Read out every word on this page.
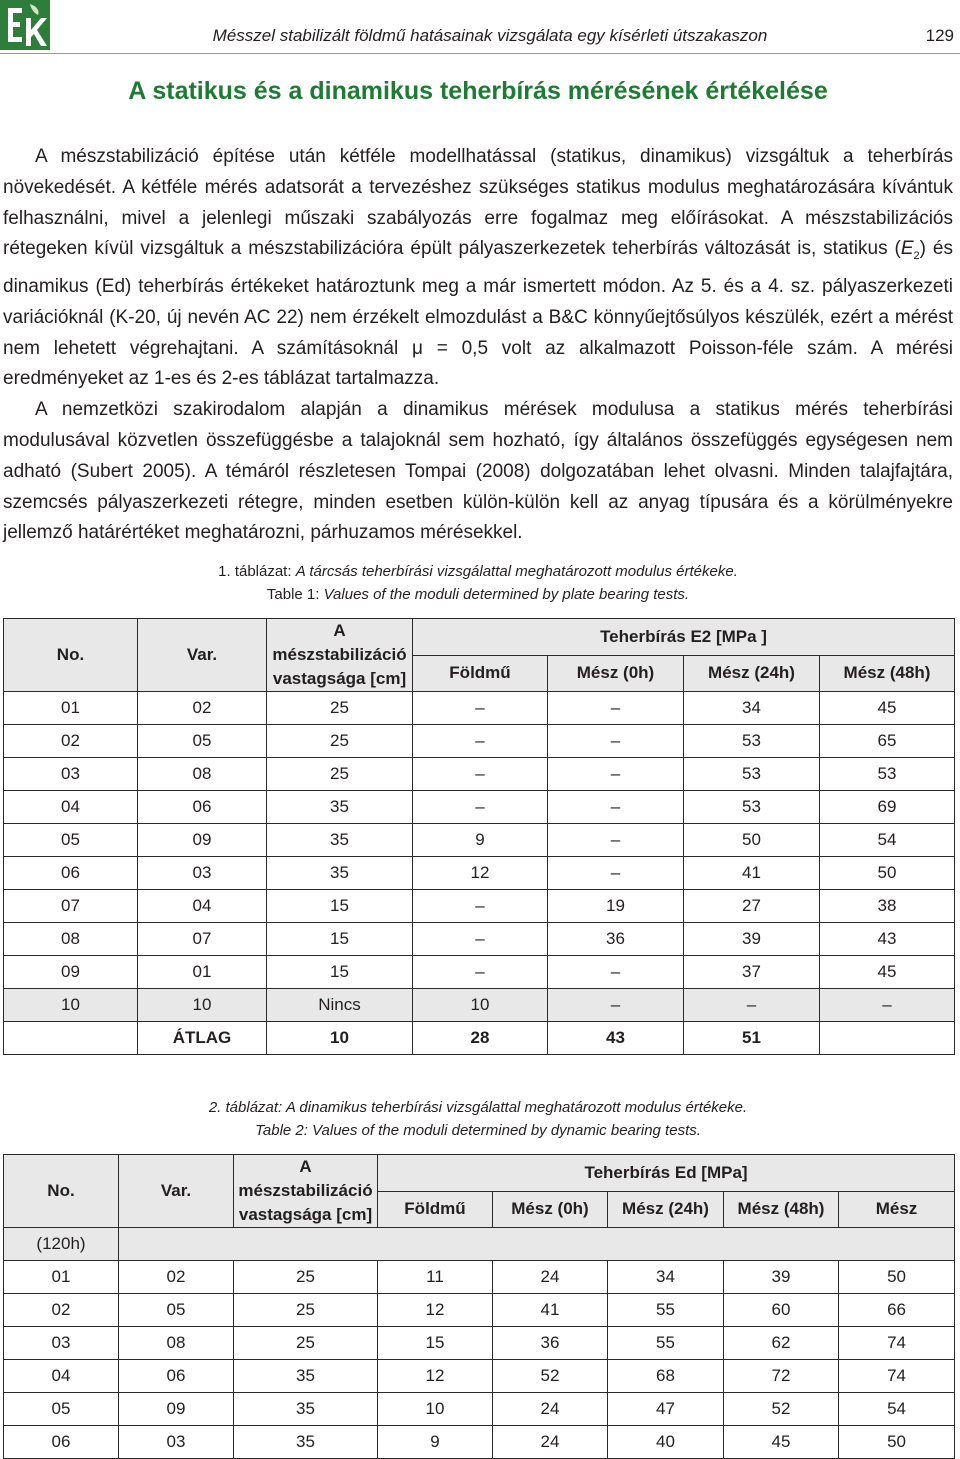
Mésszel stabilizált földmű hatásainak vizsgálata egy kísérleti útszakaszon	129
A statikus és a dinamikus teherbírás mérésének értékelése

A mészstabilizáció építése után kétféle modellhatással (statikus, dinamikus) vizsgáltuk a teherbírás növekedését. A kétféle mérés adatsorát a tervezéshez szükséges statikus modulus meghatározására kívántuk felhasználni, mivel a jelenlegi műszaki szabályozás erre fogalmaz meg előírásokat. A mészstabilizációs rétegeken kívül vizsgáltuk a mészstabilizációra épült pályaszerkezetek teherbírás változását is, statikus $(E_2)$ és dinamikus (Ed) teherbírás értékeket határoztunk meg a már ismertett módon. Az 5. és a 4. sz. pályaszerkezeti variációknál (K-20, új nevén AC 22) nem érzékelt elmozdulást a B&C könnyűejtősúlyos készülék, ezért a mérést nem lehetett végrehajtani. A számításoknál μ = 0,5 volt az alkalmazott Poisson-féle szám. A mérési eredményeket az 1-es és 2-es táblázat tartalmazza.

A nemzetközi szakirodalom alapján a dinamikus mérések modulusa a statikus mérés teherbírási modulusával közvetlen összefüggésbe a talajoknál sem hozható, így általános összefüggés egységesen nem adható (Subert 2005). A témáról részletesen Tompai (2008) dolgozatában lehet olvasni. Minden talajfajtára, szemcsés pályaszerkezeti rétegre, minden esetben külön-külön kell az anyag típusára és a körülményekre jellemző határértéket meghatározni, párhuzamos mérésekkel.

1. táblázat: A tárcsás teherbírási vizsgálattal meghatározott modulus értékeke.
Table 1: Values of the moduli determined by plate bearing tests.
No.	Var.	A mészstabilizáció vastagsága [cm]	Teherbírás E2 [MPa ]			
			Földmű	Mész (0h)	Mész (24h)	Mész (48h)
01	02	25	–	–	34	45
02	05	25	–	–	53	65
03	08	25	–	–	53	53
04	06	35	–	–	53	69
05	09	35	9	–	50	54
06	03	35	12	–	41	50
07	04	15	–	19	27	38
08	07	15	–	36	39	43
09	01	15	–	–	37	45
10	10	Nincs	10	–	–	–
	ÁTLAG	10	28	43	51	
2. táblázat: A dinamikus teherbírási vizsgálattal meghatározott modulus értékeke.
Table 2: Values of the moduli determined by dynamic bearing tests.
No.	Var.	A mészstabilizáció vastagsága [cm]	Teherbírás Ed [MPa]				
			Földmű	Mész (0h)	Mész (24h)	Mész (48h)	Mész
(120h)							
01	02	25	11	24	34	39	50
02	05	25	12	41	55	60	66
03	08	25	15	36	55	62	74
04	06	35	12	52	68	72	74
05	09	35	10	24	47	52	54
06	03	35	9	24	40	45	50
